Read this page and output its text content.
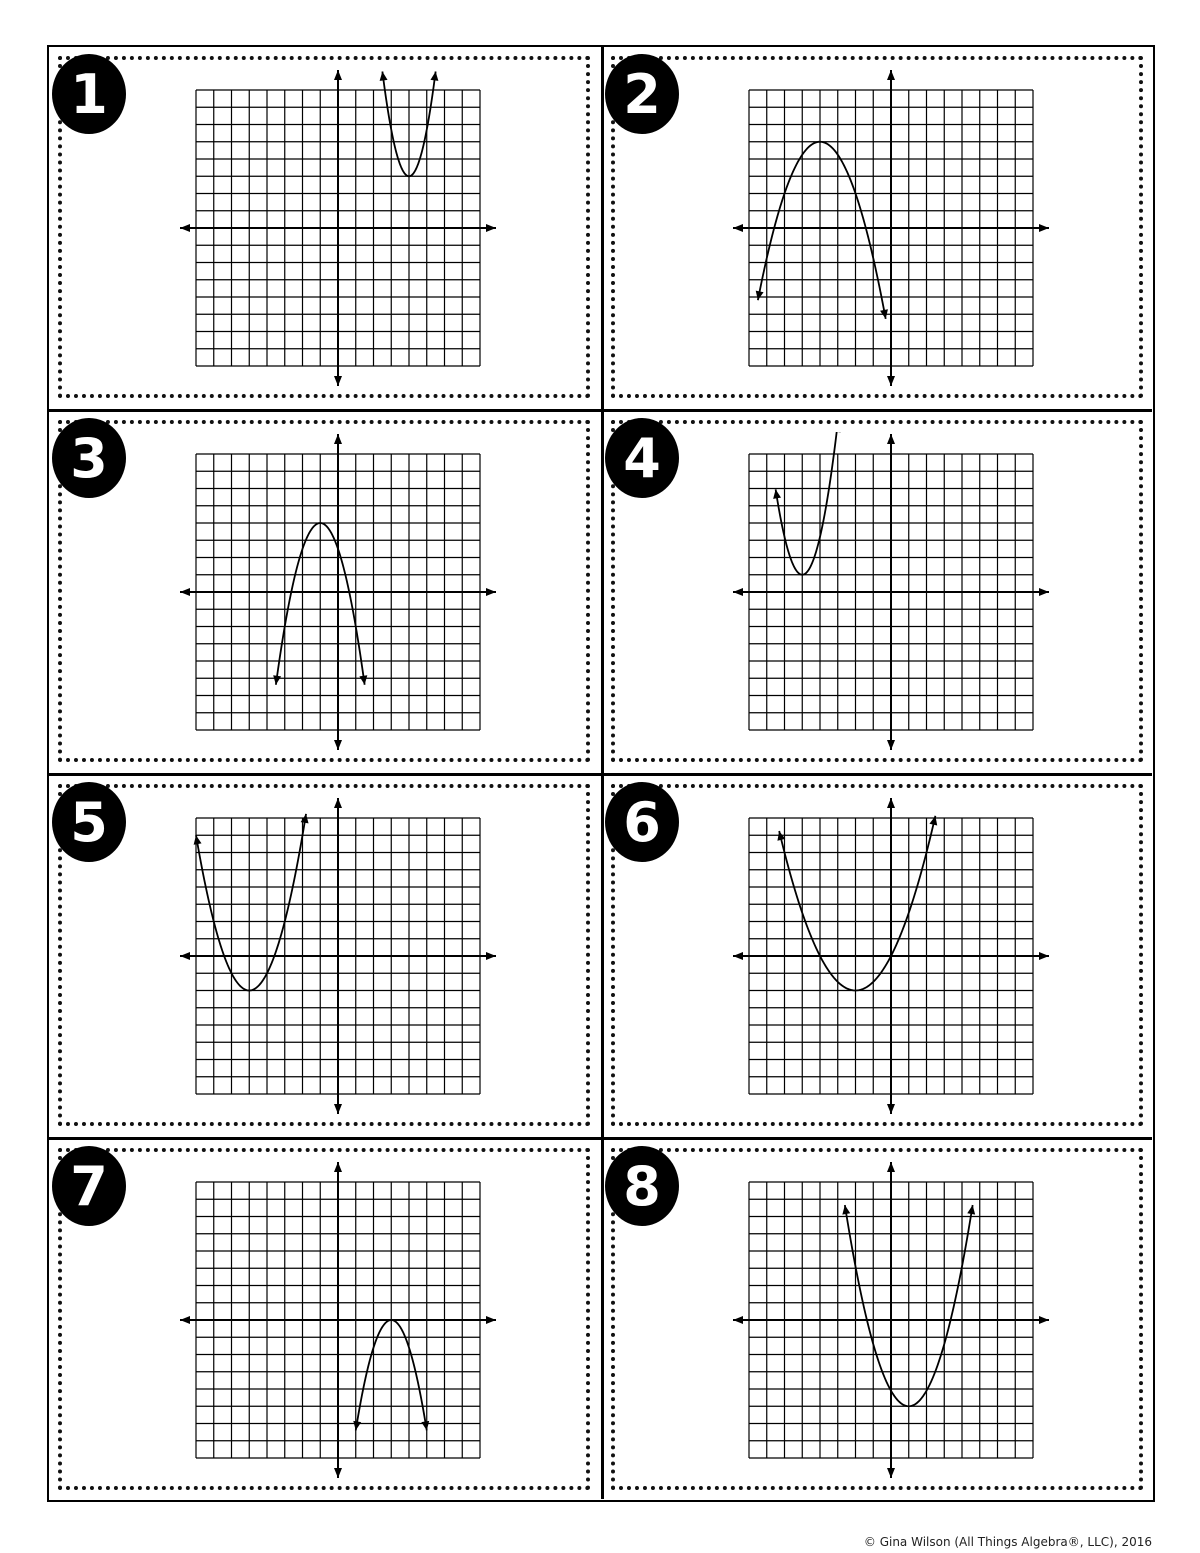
1	2
3	4
5	6
7	8
© Gina Wilson (All Things Algebra®, LLC), 2016
